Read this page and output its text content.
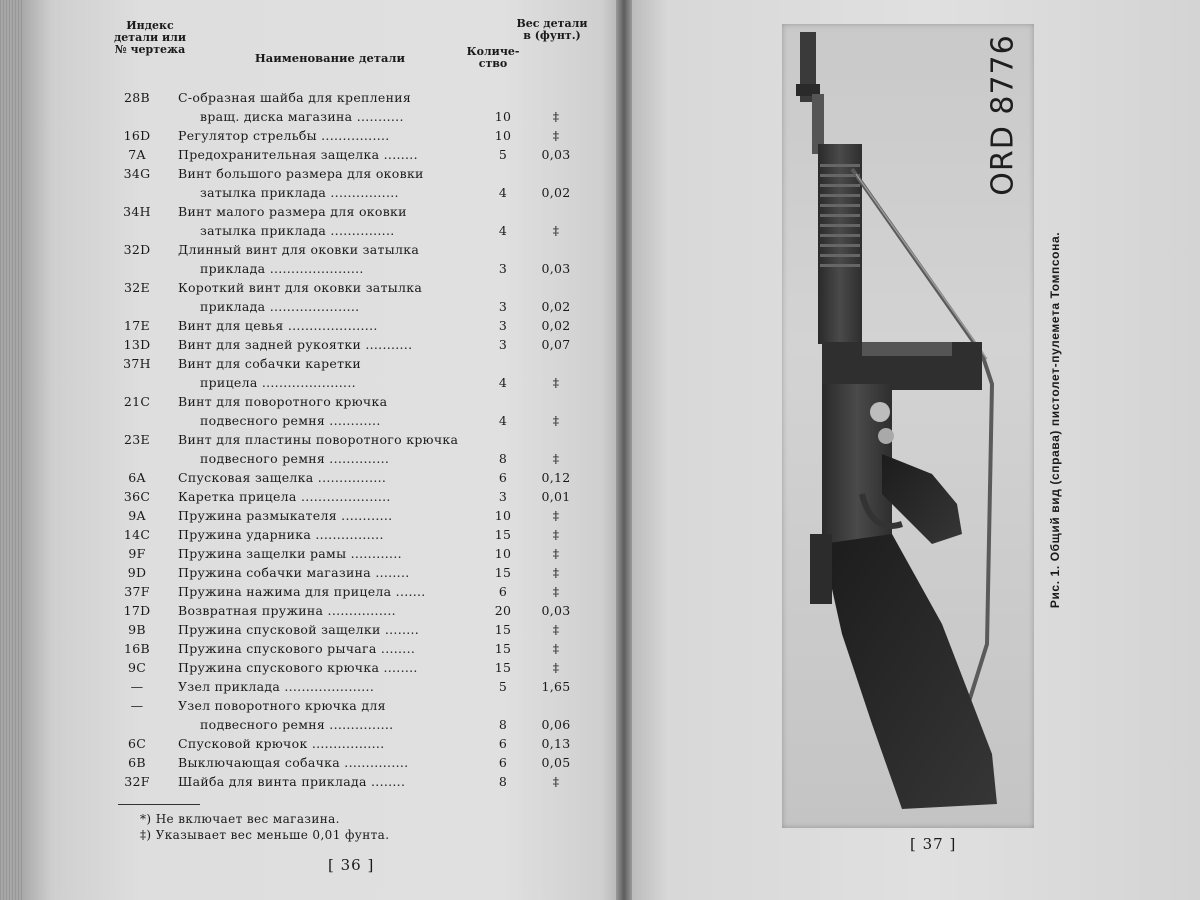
Индекс детали или № чертежа
Наименование детали	Количе- ство
Вес детали в (фунт.)
28B	С-образная шайба для крепления
вращ. диска магазина ...........	10	‡
16D	Регулятор стрельбы ................	10	‡
7A	Предохранительная защелка ........	5	0,03
34G	Винт большого размера для оковки
затылка приклада ................	4	0,02
34H	Винт малого размера для оковки
затылка приклада ...............	4	‡
32D	Длинный винт для оковки затылка
приклада ......................	3	0,03
32E	Короткий винт для оковки затылка
приклада .....................	3	0,02
17E	Винт для цевья .....................	3	0,02
13D	Винт для задней рукоятки ...........	3	0,07
37H	Винт для собачки каретки
прицела ......................	4	‡
21C	Винт для поворотного крючка
подвесного ремня ............	4	‡
23E	Винт для пластины поворотного крючка
подвесного ремня ..............	8	‡
6A	Спусковая защелка ................	6	0,12
36C	Каретка прицела .....................	3	0,01
9A	Пружина размыкателя ............	10	‡
14C	Пружина ударника ................	15	‡
9F	Пружина защелки рамы ............	10	‡
9D	Пружина собачки магазина ........	15	‡
37F	Пружина нажима для прицела .......	6	‡
17D	Возвратная пружина ................	20	0,03
9B	Пружина спусковой защелки ........	15	‡
16B	Пружина спускового рычага ........	15	‡
9C	Пружина спускового крючка ........	15	‡
—	Узел приклада .....................	5	1,65
—	Узел поворотного крючка для
подвесного ремня ...............	8	0,06
6C	Спусковой крючок .................	6	0,13
6B	Выключающая собачка ...............	6	0,05
32F	Шайба для винта приклада ........	8	‡
*) Не включает вес магазина.
‡) Указывает вес меньше 0,01 фунта.
[ 36 ]
ORD 8776
Рис. 1. Общий вид (справа) пистолет-пулемета Томпсона.
[ 37 ]
